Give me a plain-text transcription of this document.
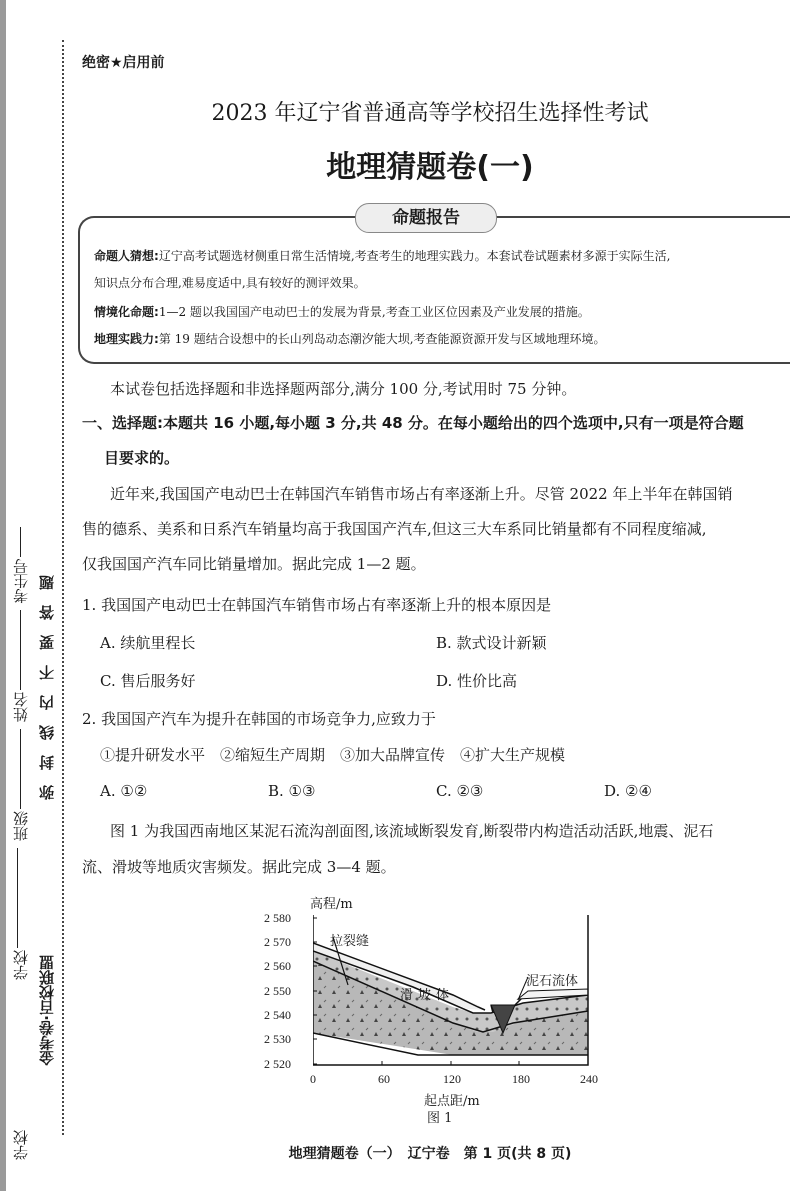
学校
学校 班级 姓名 考生号 弥　封　线　内　不　要　答　题
金考卷·百校联盟
绝密★启用前
2023 年辽宁省普通高等学校招生选择性考试
地理猜题卷(一)
命题报告
命题人猜想:辽宁高考试题选材侧重日常生活情境,考查考生的地理实践力。本套试卷试题素材多源于实际生活,
知识点分布合理,难易度适中,具有较好的测评效果。
情境化命题:1—2 题以我国国产电动巴士的发展为背景,考查工业区位因素及产业发展的措施。
地理实践力:第 19 题结合设想中的长山列岛动态潮汐能大坝,考查能源资源开发与区域地理环境。
本试卷包括选择题和非选择题两部分,满分 100 分,考试用时 75 分钟。
一、选择题:本题共 16 小题,每小题 3 分,共 48 分。在每小题给出的四个选项中,只有一项是符合题
目要求的。
近年来,我国国产电动巴士在韩国汽车销售市场占有率逐渐上升。尽管 2022 年上半年在韩国销
售的德系、美系和日系汽车销量均高于我国国产汽车,但这三大车系同比销量都有不同程度缩减,
仅我国国产汽车同比销量增加。据此完成 1—2 题。
1. 我国国产电动巴士在韩国汽车销售市场占有率逐渐上升的根本原因是
A. 续航里程长	B. 款式设计新颖
C. 售后服务好	D. 性价比高
2. 我国国产汽车为提升在韩国的市场竞争力,应致力于
①提升研发水平　②缩短生产周期　③加大品牌宣传　④扩大生产规模
A. ①②	B. ①③	C. ②③	D. ②④
图 1 为我国西南地区某泥石流沟剖面图,该流域断裂发育,断裂带内构造活动活跃,地震、泥石
流、滑坡等地质灾害频发。据此完成 3—4 题。
高程/m
2 580
2 570
2 560
2 550
2 540
2 530
2 520
拉裂缝
滑坡体
泥石流体
0	60	120	180	240
起点距/m
图 1
地理猜题卷（一）　辽宁卷　第 1 页(共 8 页)
